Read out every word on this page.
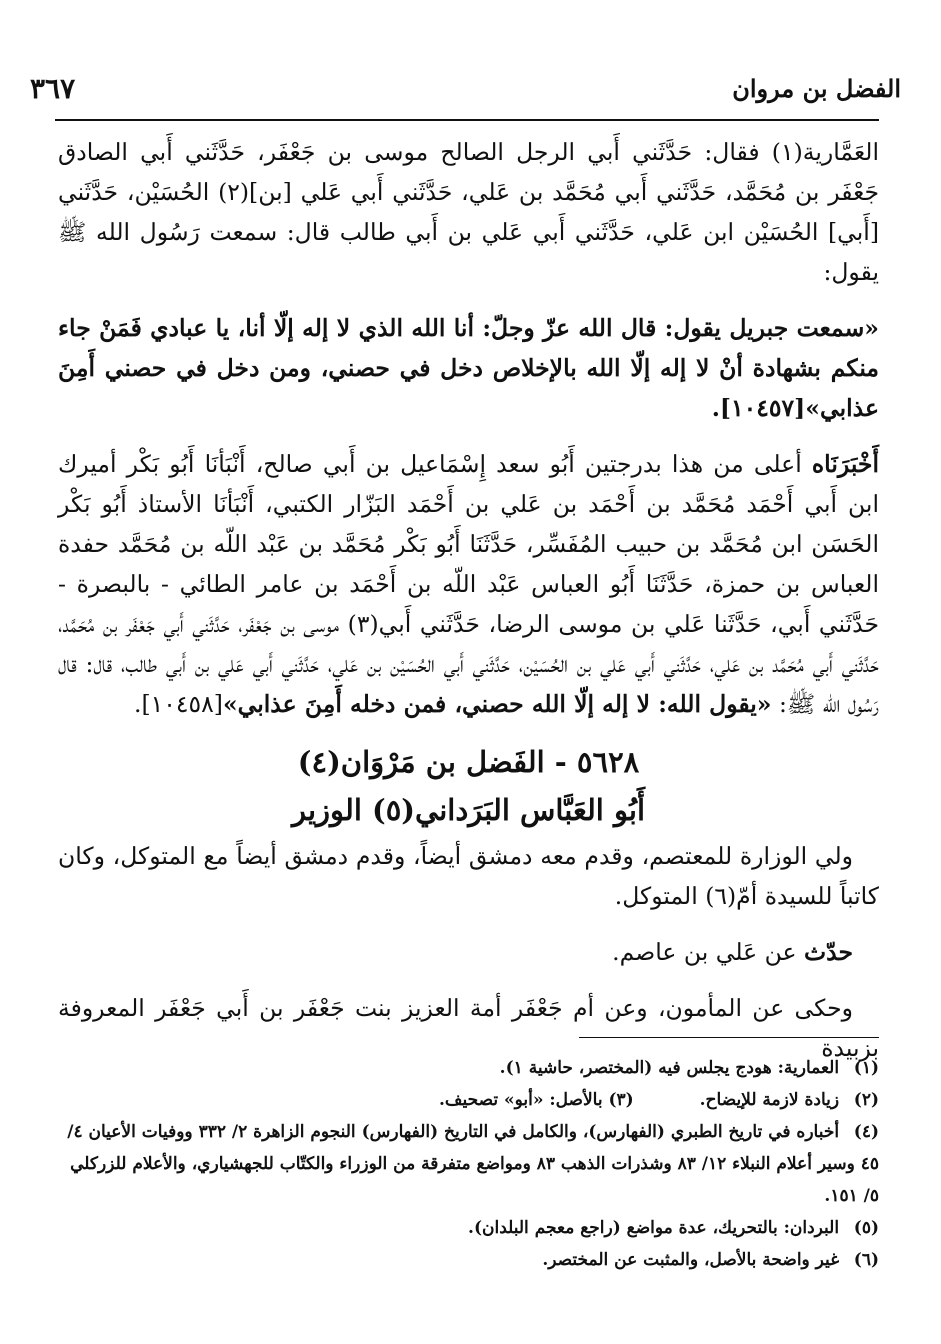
الفضل بن مروان
٣٦٧

العَمَّارية(١) فقال: حَدَّثَني أَبي الرجل الصالح موسى بن جَعْفَر، حَدَّثَني أَبي الصادق جَعْفَر بن مُحَمَّد، حَدَّثَني أَبي مُحَمَّد بن عَلي، حَدَّثَني أَبي عَلي [بن](٢) الحُسَيْن، حَدَّثَني [أَبي] الحُسَيْن ابن عَلي، حَدَّثَني أَبي عَلي بن أَبي طالب قال: سمعت رَسُول الله ﷺ يقول:

«سمعت جبريل يقول: قال الله عزّ وجلّ: أنا الله الذي لا إله إلّا أنا، يا عبادي فَمَنْ جاء منكم بشهادة أنْ لا إله إلّا الله بالإخلاص دخل في حصني، ومن دخل في حصني أَمِنَ عذابي»[١٠٤٥٧].

أَخْبَرَنَاه أعلى من هذا بدرجتين أَبُو سعد إِسْمَاعيل بن أَبي صالح، أَنْبَأنَا أَبُو بَكْر أميرك ابن أَبي أَحْمَد مُحَمَّد بن أَحْمَد بن عَلي بن أَحْمَد البَزّار الكتبي، أَنْبَأنَا الأستاذ أَبُو بَكْر الحَسَن ابن مُحَمَّد بن حبيب المُفَسِّر، حَدَّثَنَا أَبُو بَكْر مُحَمَّد بن عَبْد اللّه بن مُحَمَّد حفدة العباس بن حمزة، حَدَّثَنَا أَبُو العباس عَبْد اللّه بن أَحْمَد بن عامر الطائي - بالبصرة - حَدَّثَني أَبي، حَدَّثَنا عَلي بن موسى الرضا، حَدَّثَني أَبي(٣) موسى بن جَعْفَر، حَدَّثَني أَبي جَعْفَر بن مُحَمَّد، حَدَّثَني أَبي مُحَمَّد بن عَلي، حَدَّثَني أَبي عَلي بن الحُسَيْن، حَدَّثَني أَبي الحُسَيْن بن عَلي، حَدَّثَني أَبي عَلي بن أَبي طالب، قال: قال رَسُول الله ﷺ: «يقول الله: لا إله إلّا الله حصني، فمن دخله أَمِنَ عذابي»[١٠٤٥٨].

٥٦٢٨ - الفَضل بن مَرْوَان(٤)
أَبُو العَبَّاس البَرَداني(٥) الوزير

ولي الوزارة للمعتصم، وقدم معه دمشق أيضاً، وقدم دمشق أيضاً مع المتوكل، وكان كاتباً للسيدة أمّ(٦) المتوكل.

حدّث عن عَلي بن عاصم.

وحكى عن المأمون، وعن أم جَعْفَر أمة العزيز بنت جَعْفَر بن أَبي جَعْفَر المعروفة بزبيدة

(١) العمارية: هودج يجلس فيه (المختصر، حاشية ١).
(٢) زيادة لازمة للإيضاح. (٣) بالأصل: «أبو» تصحيف.
(٤) أخباره في تاريخ الطبري (الفهارس)، والكامل في التاريخ (الفهارس) النجوم الزاهرة ٢/ ٣٣٢ ووفيات الأعيان ٤/ ٤٥ وسير أعلام النبلاء ١٢/ ٨٣ وشذرات الذهب ٨٣ ومواضع متفرقة من الوزراء والكتّاب للجهشياري، والأعلام للزركلي ٥/ ١٥١.
(٥) البردان: بالتحريك، عدة مواضع (راجع معجم البلدان).
(٦) غير واضحة بالأصل، والمثبت عن المختصر.
